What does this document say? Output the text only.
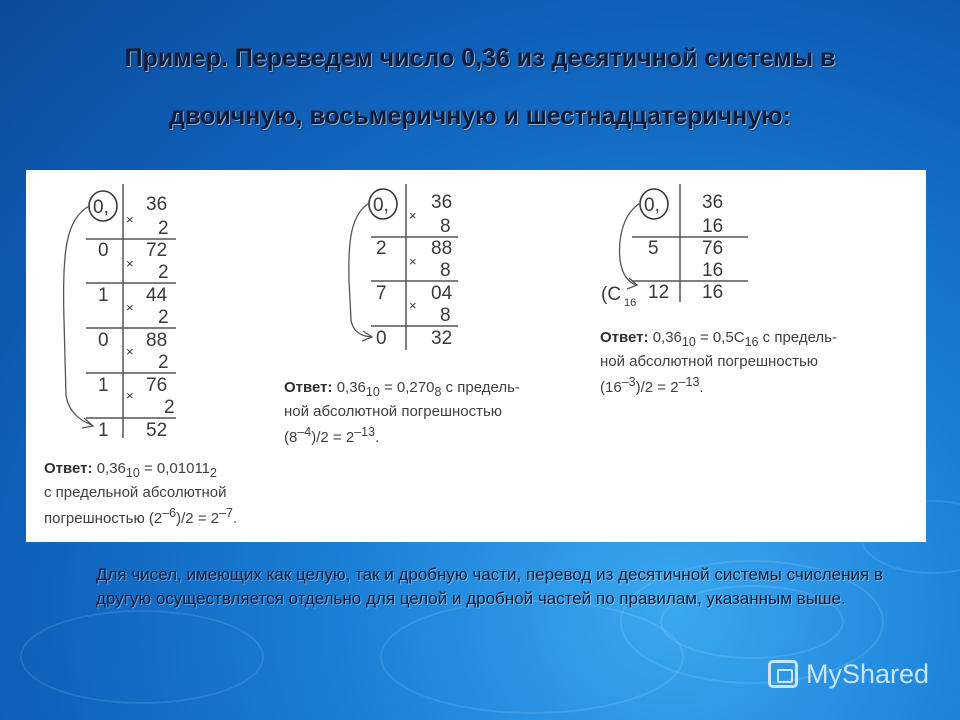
Пример. Переведем число 0,36 из десятичной системы в
двоичную, восьмеричную и шестнадцатеричную:
0,
×
36
2
0
×
72
2
1
×
44
2
0
×
88
2
1 × 76
2
1 52
0, ×
36
8
2
×
88
8
7
×
04
8
0 32
0, 36
16
5 76
16
(C 16 12 16
Ответ: $0,36_{10} = 0,01011_2$
с предельной абсолютной
погрешностью $(2^{-6})/2 = 2^{-7}$.
Ответ: $0,36_{10} = 0,270_8$ с предель-
ной абсолютной погрешностью
$(8^{-4})/2 = 2^{-13}$.
Ответ: $0,36_{10} = 0,5C_{16}$ с предель-
ной абсолютной погрешностью
$(16^{-3})/2 = 2^{-13}$.
Для чисел, имеющих как целую, так и дробную части, перевод из десятичной системы счисления в другую осуществляется отдельно для целой и дробной частей по правилам, указанным выше.
MyShared
